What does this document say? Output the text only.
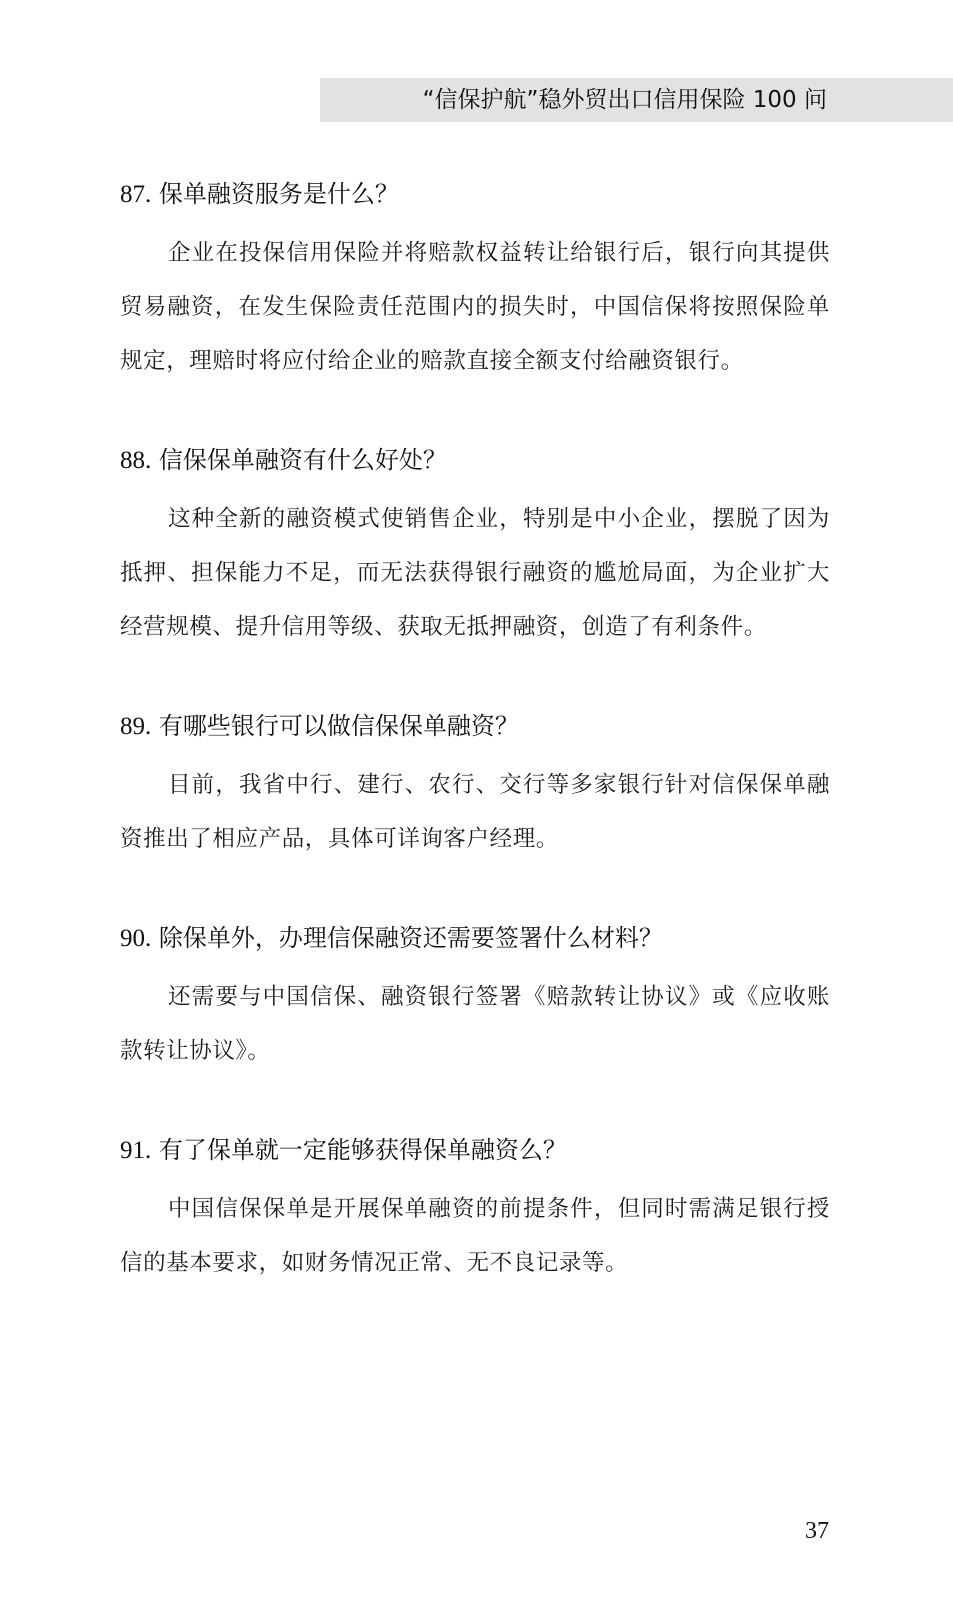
“信保护航”稳外贸出口信用保险 100 问
87. 保单融资服务是什么？

企业在投保信用保险并将赔款权益转让给银行后，银行向其提供贸易融资，在发生保险责任范围内的损失时，中国信保将按照保险单规定，理赔时将应付给企业的赔款直接全额支付给融资银行。

88. 信保保单融资有什么好处？

这种全新的融资模式使销售企业，特别是中小企业，摆脱了因为抵押、担保能力不足，而无法获得银行融资的尴尬局面，为企业扩大经营规模、提升信用等级、获取无抵押融资，创造了有利条件。

89. 有哪些银行可以做信保保单融资？

目前，我省中行、建行、农行、交行等多家银行针对信保保单融资推出了相应产品，具体可详询客户经理。

90. 除保单外，办理信保融资还需要签署什么材料？

还需要与中国信保、融资银行签署《赔款转让协议》或《应收账款转让协议》。

91. 有了保单就一定能够获得保单融资么？

中国信保保单是开展保单融资的前提条件，但同时需满足银行授信的基本要求，如财务情况正常、无不良记录等。

37
